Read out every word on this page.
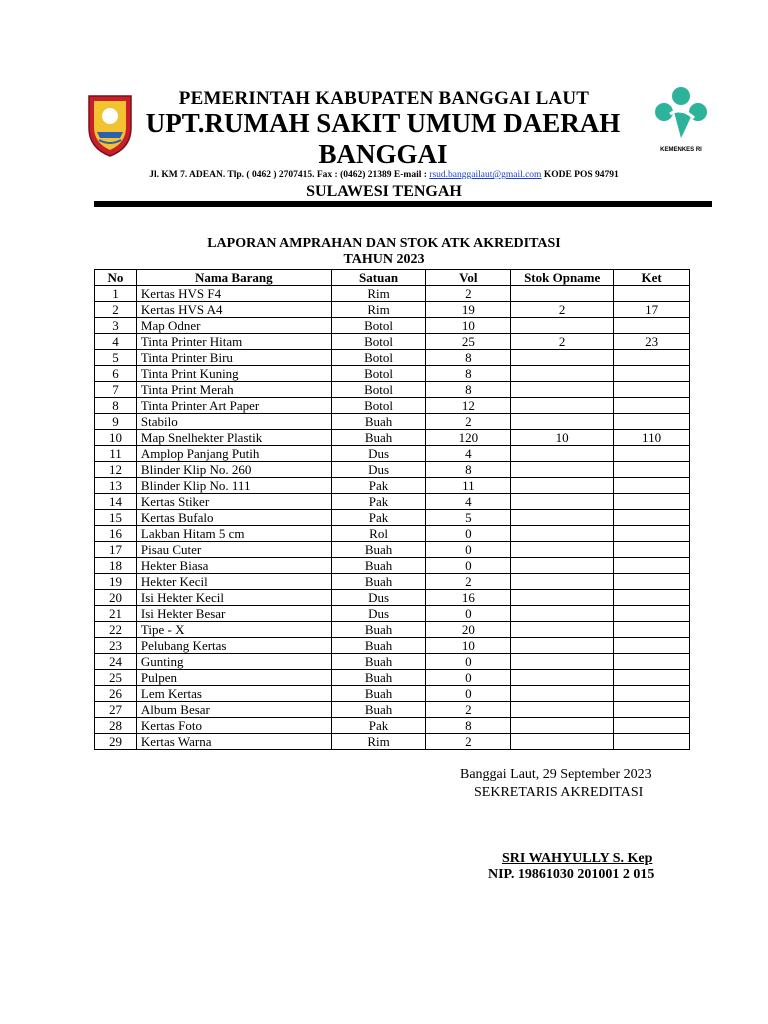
KEMENKES RI
PEMERINTAH KABUPATEN BANGGAI LAUT
UPT.RUMAH SAKIT UMUM DAERAH BANGGAI
Jl. KM 7. ADEAN. Tlp. ( 0462 ) 2707415. Fax : (0462) 21389 E-mail : rsud.banggailaut@gmail.com KODE POS 94791
SULAWESI TENGAH
LAPORAN AMPRAHAN DAN STOK ATK AKREDITASI
TAHUN 2023
No	Nama Barang	Satuan	Vol	Stok Opname	Ket
1	Kertas HVS F4	Rim	2		
2	Kertas HVS A4	Rim	19	2	17
3	Map Odner	Botol	10		
4	Tinta Printer Hitam	Botol	25	2	23
5	Tinta Printer Biru	Botol	8		
6	Tinta Print Kuning	Botol	8		
7	Tinta Print Merah	Botol	8		
8	Tinta Printer Art Paper	Botol	12		
9	Stabilo	Buah	2		
10	Map Snelhekter Plastik	Buah	120	10	110
11	Amplop Panjang Putih	Dus	4		
12	Blinder Klip No. 260	Dus	8		
13	Blinder Klip No. 111	Pak	11		
14	Kertas Stiker	Pak	4		
15	Kertas Bufalo	Pak	5		
16	Lakban Hitam 5 cm	Rol	0		
17	Pisau Cuter	Buah	0		
18	Hekter Biasa	Buah	0		
19	Hekter Kecil	Buah	2		
20	Isi Hekter Kecil	Dus	16		
21	Isi Hekter Besar	Dus	0		
22	Tipe - X	Buah	20		
23	Pelubang Kertas	Buah	10		
24	Gunting	Buah	0		
25	Pulpen	Buah	0		
26	Lem Kertas	Buah	0		
27	Album Besar	Buah	2		
28	Kertas Foto	Pak	8		
29	Kertas Warna	Rim	2		
Banggai Laut, 29 September 2023
SEKRETARIS AKREDITASI
SRI WAHYULLY S. Kep
NIP. 19861030 201001 2 015
